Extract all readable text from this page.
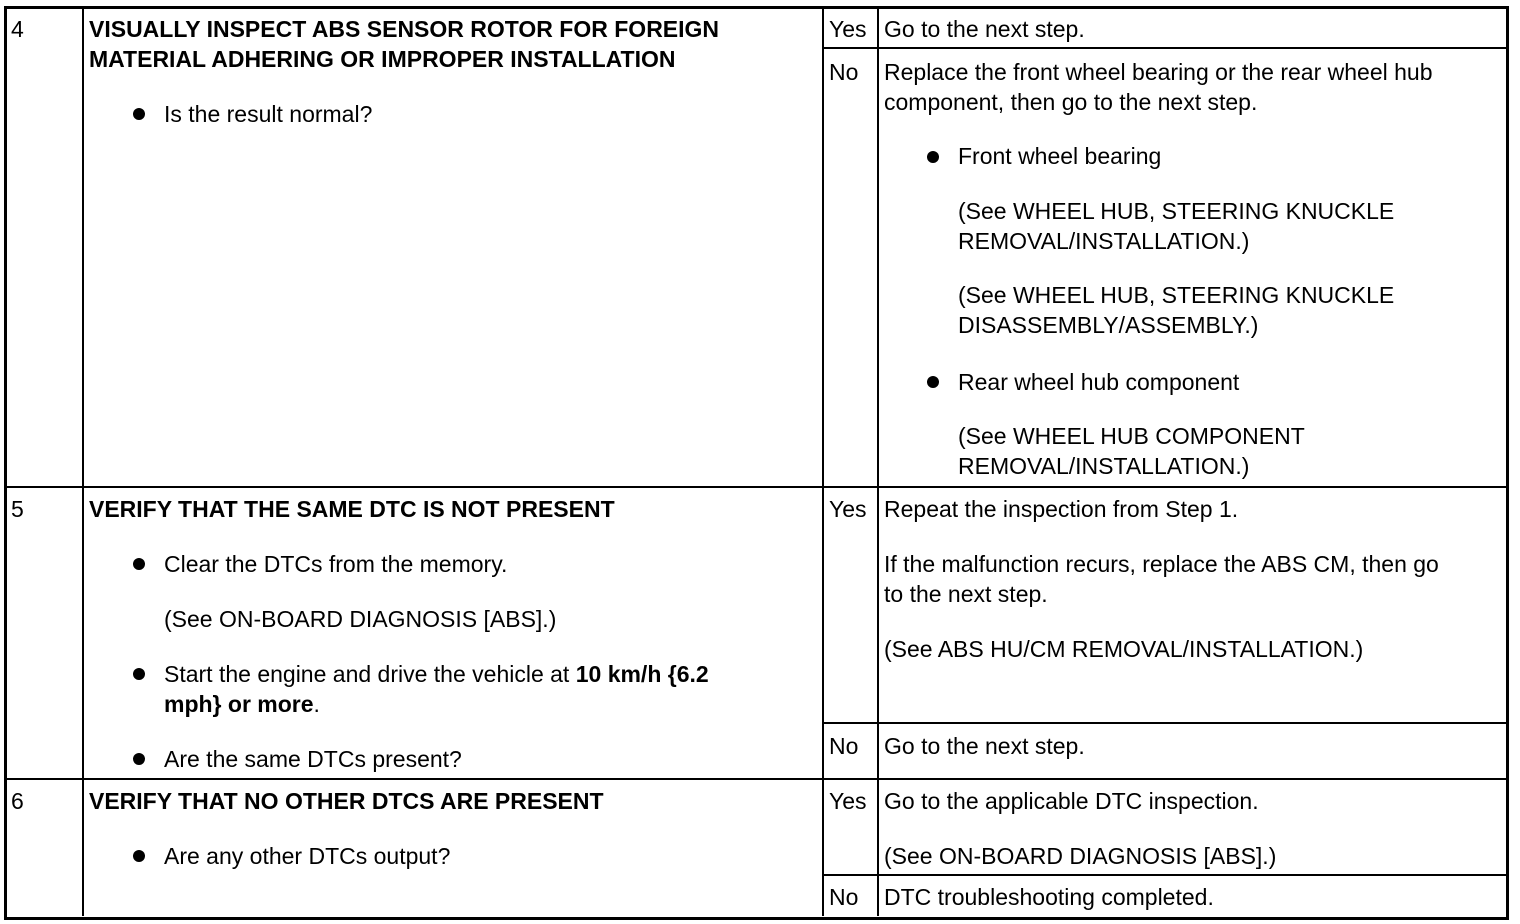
4	VISUALLY INSPECT ABS SENSOR ROTOR FOR FOREIGN
MATERIAL ADHERING OR IMPROPER INSTALLATION
Is the result normal?
Yes Go to the next step.
No Replace the front wheel bearing or the rear wheel hub
component, then go to the next step.
Front wheel bearing
(See WHEEL HUB, STEERING KNUCKLE
REMOVAL/INSTALLATION.)
(See WHEEL HUB, STEERING KNUCKLE
DISASSEMBLY/ASSEMBLY.)
Rear wheel hub component
(See WHEEL HUB COMPONENT
REMOVAL/INSTALLATION.)
5	VERIFY THAT THE SAME DTC IS NOT PRESENT
Clear the DTCs from the memory.
(See ON-BOARD DIAGNOSIS [ABS].)
Start the engine and drive the vehicle at 10 km/h {6.2
mph} or more.
Are the same DTCs present?
Yes Repeat the inspection from Step 1.
If the malfunction recurs, replace the ABS CM, then go
to the next step.
(See ABS HU/CM REMOVAL/INSTALLATION.)
No Go to the next step.
6	VERIFY THAT NO OTHER DTCS ARE PRESENT
Are any other DTCs output?
Yes Go to the applicable DTC inspection.
(See ON-BOARD DIAGNOSIS [ABS].)
No DTC troubleshooting completed.
